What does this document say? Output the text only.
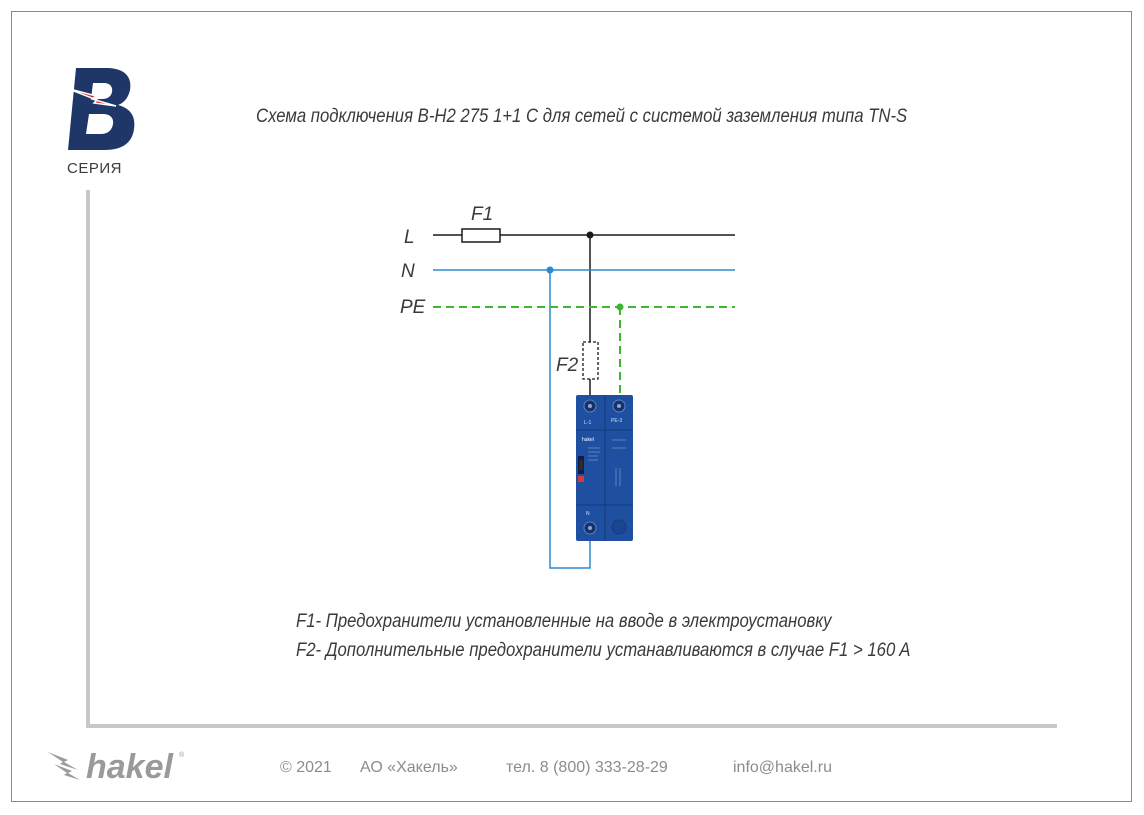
СЕРИЯ
Схема подключения B-H2 275 1+1 C для сетей с системой заземления типа TN-S
L
N
PE
F1
F2
L-1	PE-3
hakel
N
F1- Предохранители установленные на вводе в электроустановку
F2- Дополнительные предохранители устанавливаются в случае F1 > 160 A
hakel ®
© 2021 АО «Хакель»	тел. 8 (800) 333-28-29	info@hakel.ru
